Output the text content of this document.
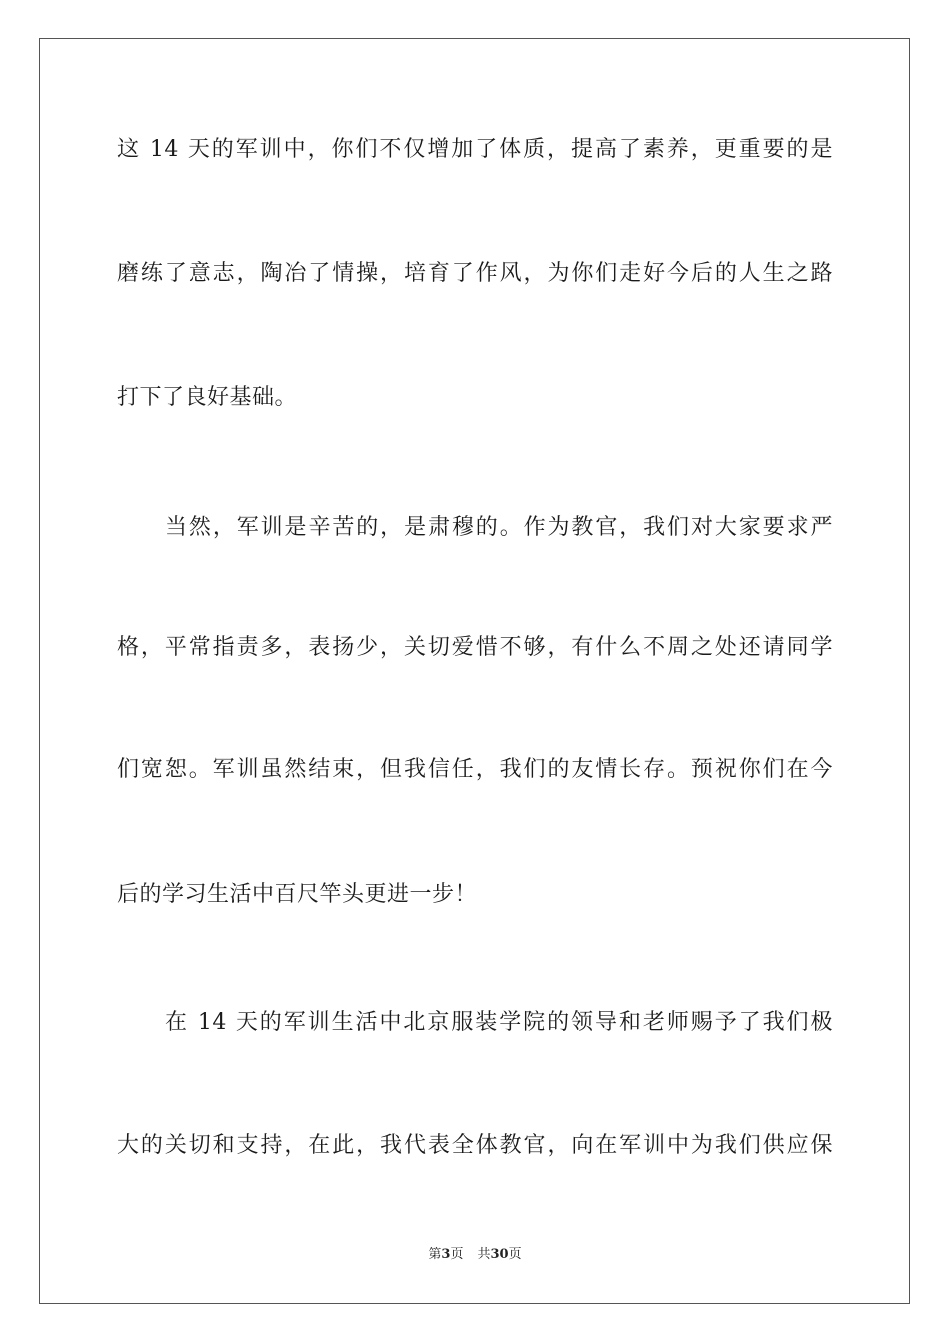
这 14 天的军训中，你们不仅增加了体质，提高了素养，更重要的是
磨练了意志，陶冶了情操，培育了作风，为你们走好今后的人生之路
打下了良好基础。
当然，军训是辛苦的，是肃穆的。作为教官，我们对大家要求严
格，平常指责多，表扬少，关切爱惜不够，有什么不周之处还请同学
们宽恕。军训虽然结束，但我信任，我们的友情长存。预祝你们在今
后的学习生活中百尺竿头更进一步！
在 14 天的军训生活中北京服装学院的领导和老师赐予了我们极
大的关切和支持，在此，我代表全体教官，向在军训中为我们供应保
第3页 共30页
